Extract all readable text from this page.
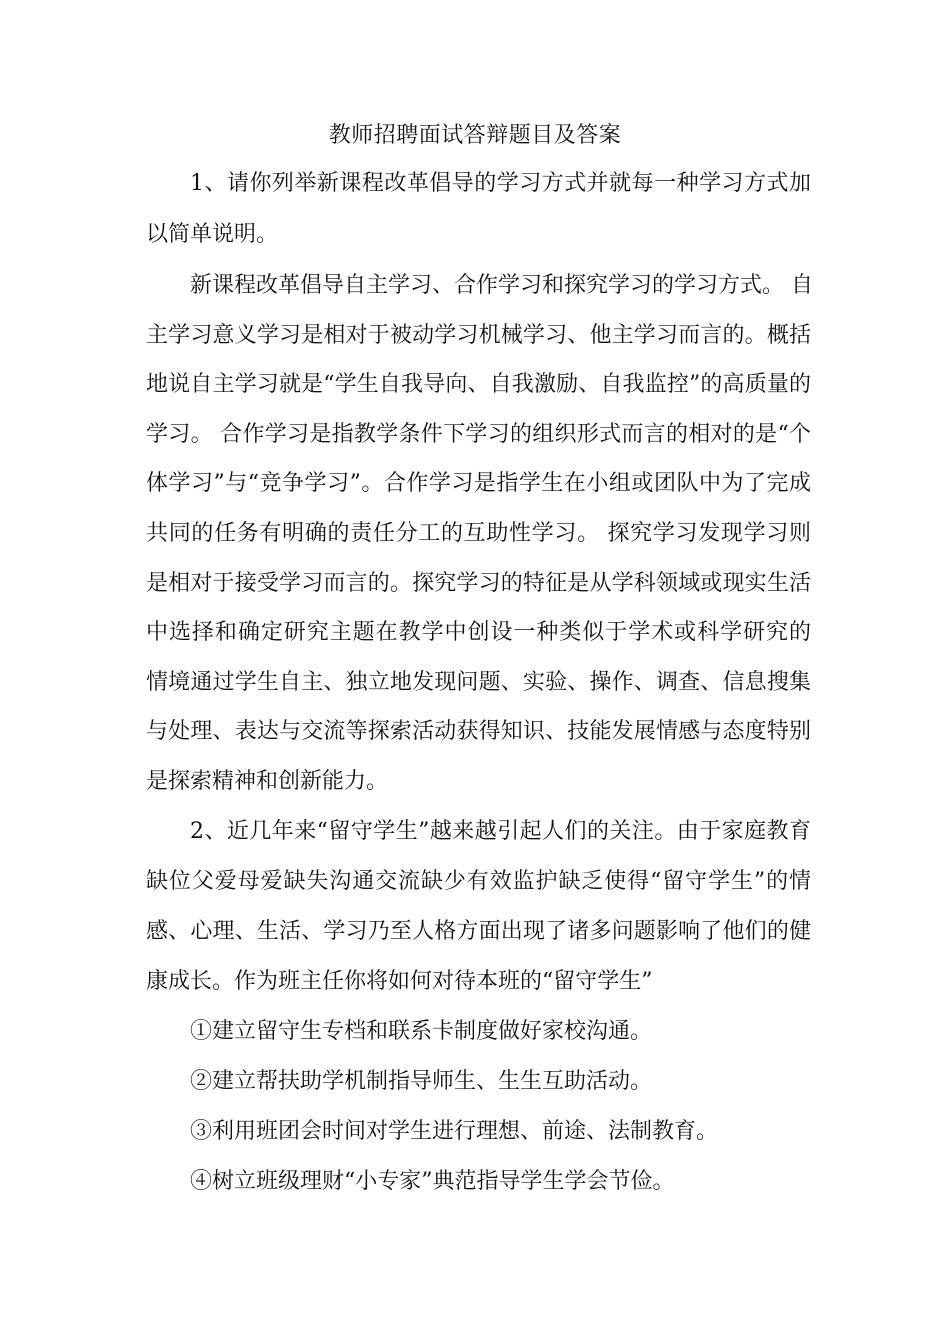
教师招聘面试答辩题目及答案
1、请你列举新课程改革倡导的学习方式并就每一种学习方式加
以简单说明。
新课程改革倡导自主学习、合作学习和探究学习的学习方式。 自
主学习意义学习是相对于被动学习机械学习、他主学习而言的。概括
地说自主学习就是“学生自我导向、自我激励、自我监控”的高质量的
学习。 合作学习是指教学条件下学习的组织形式而言的相对的是“个
体学习”与“竞争学习”。合作学习是指学生在小组或团队中为了完成
共同的任务有明确的责任分工的互助性学习。 探究学习发现学习则
是相对于接受学习而言的。探究学习的特征是从学科领域或现实生活
中选择和确定研究主题在教学中创设一种类似于学术或科学研究的
情境通过学生自主、独立地发现问题、实验、操作、调查、信息搜集
与处理、表达与交流等探索活动获得知识、技能发展情感与态度特别
是探索精神和创新能力。
2、近几年来“留守学生”越来越引起人们的关注。由于家庭教育
缺位父爱母爱缺失沟通交流缺少有效监护缺乏使得“留守学生”的情
感、心理、生活、学习乃至人格方面出现了诸多问题影响了他们的健
康成长。作为班主任你将如何对待本班的“留守学生”
①建立留守生专档和联系卡制度做好家校沟通。
②建立帮扶助学机制指导师生、生生互助活动。
③利用班团会时间对学生进行理想、前途、法制教育。
④树立班级理财“小专家”典范指导学生学会节俭。
